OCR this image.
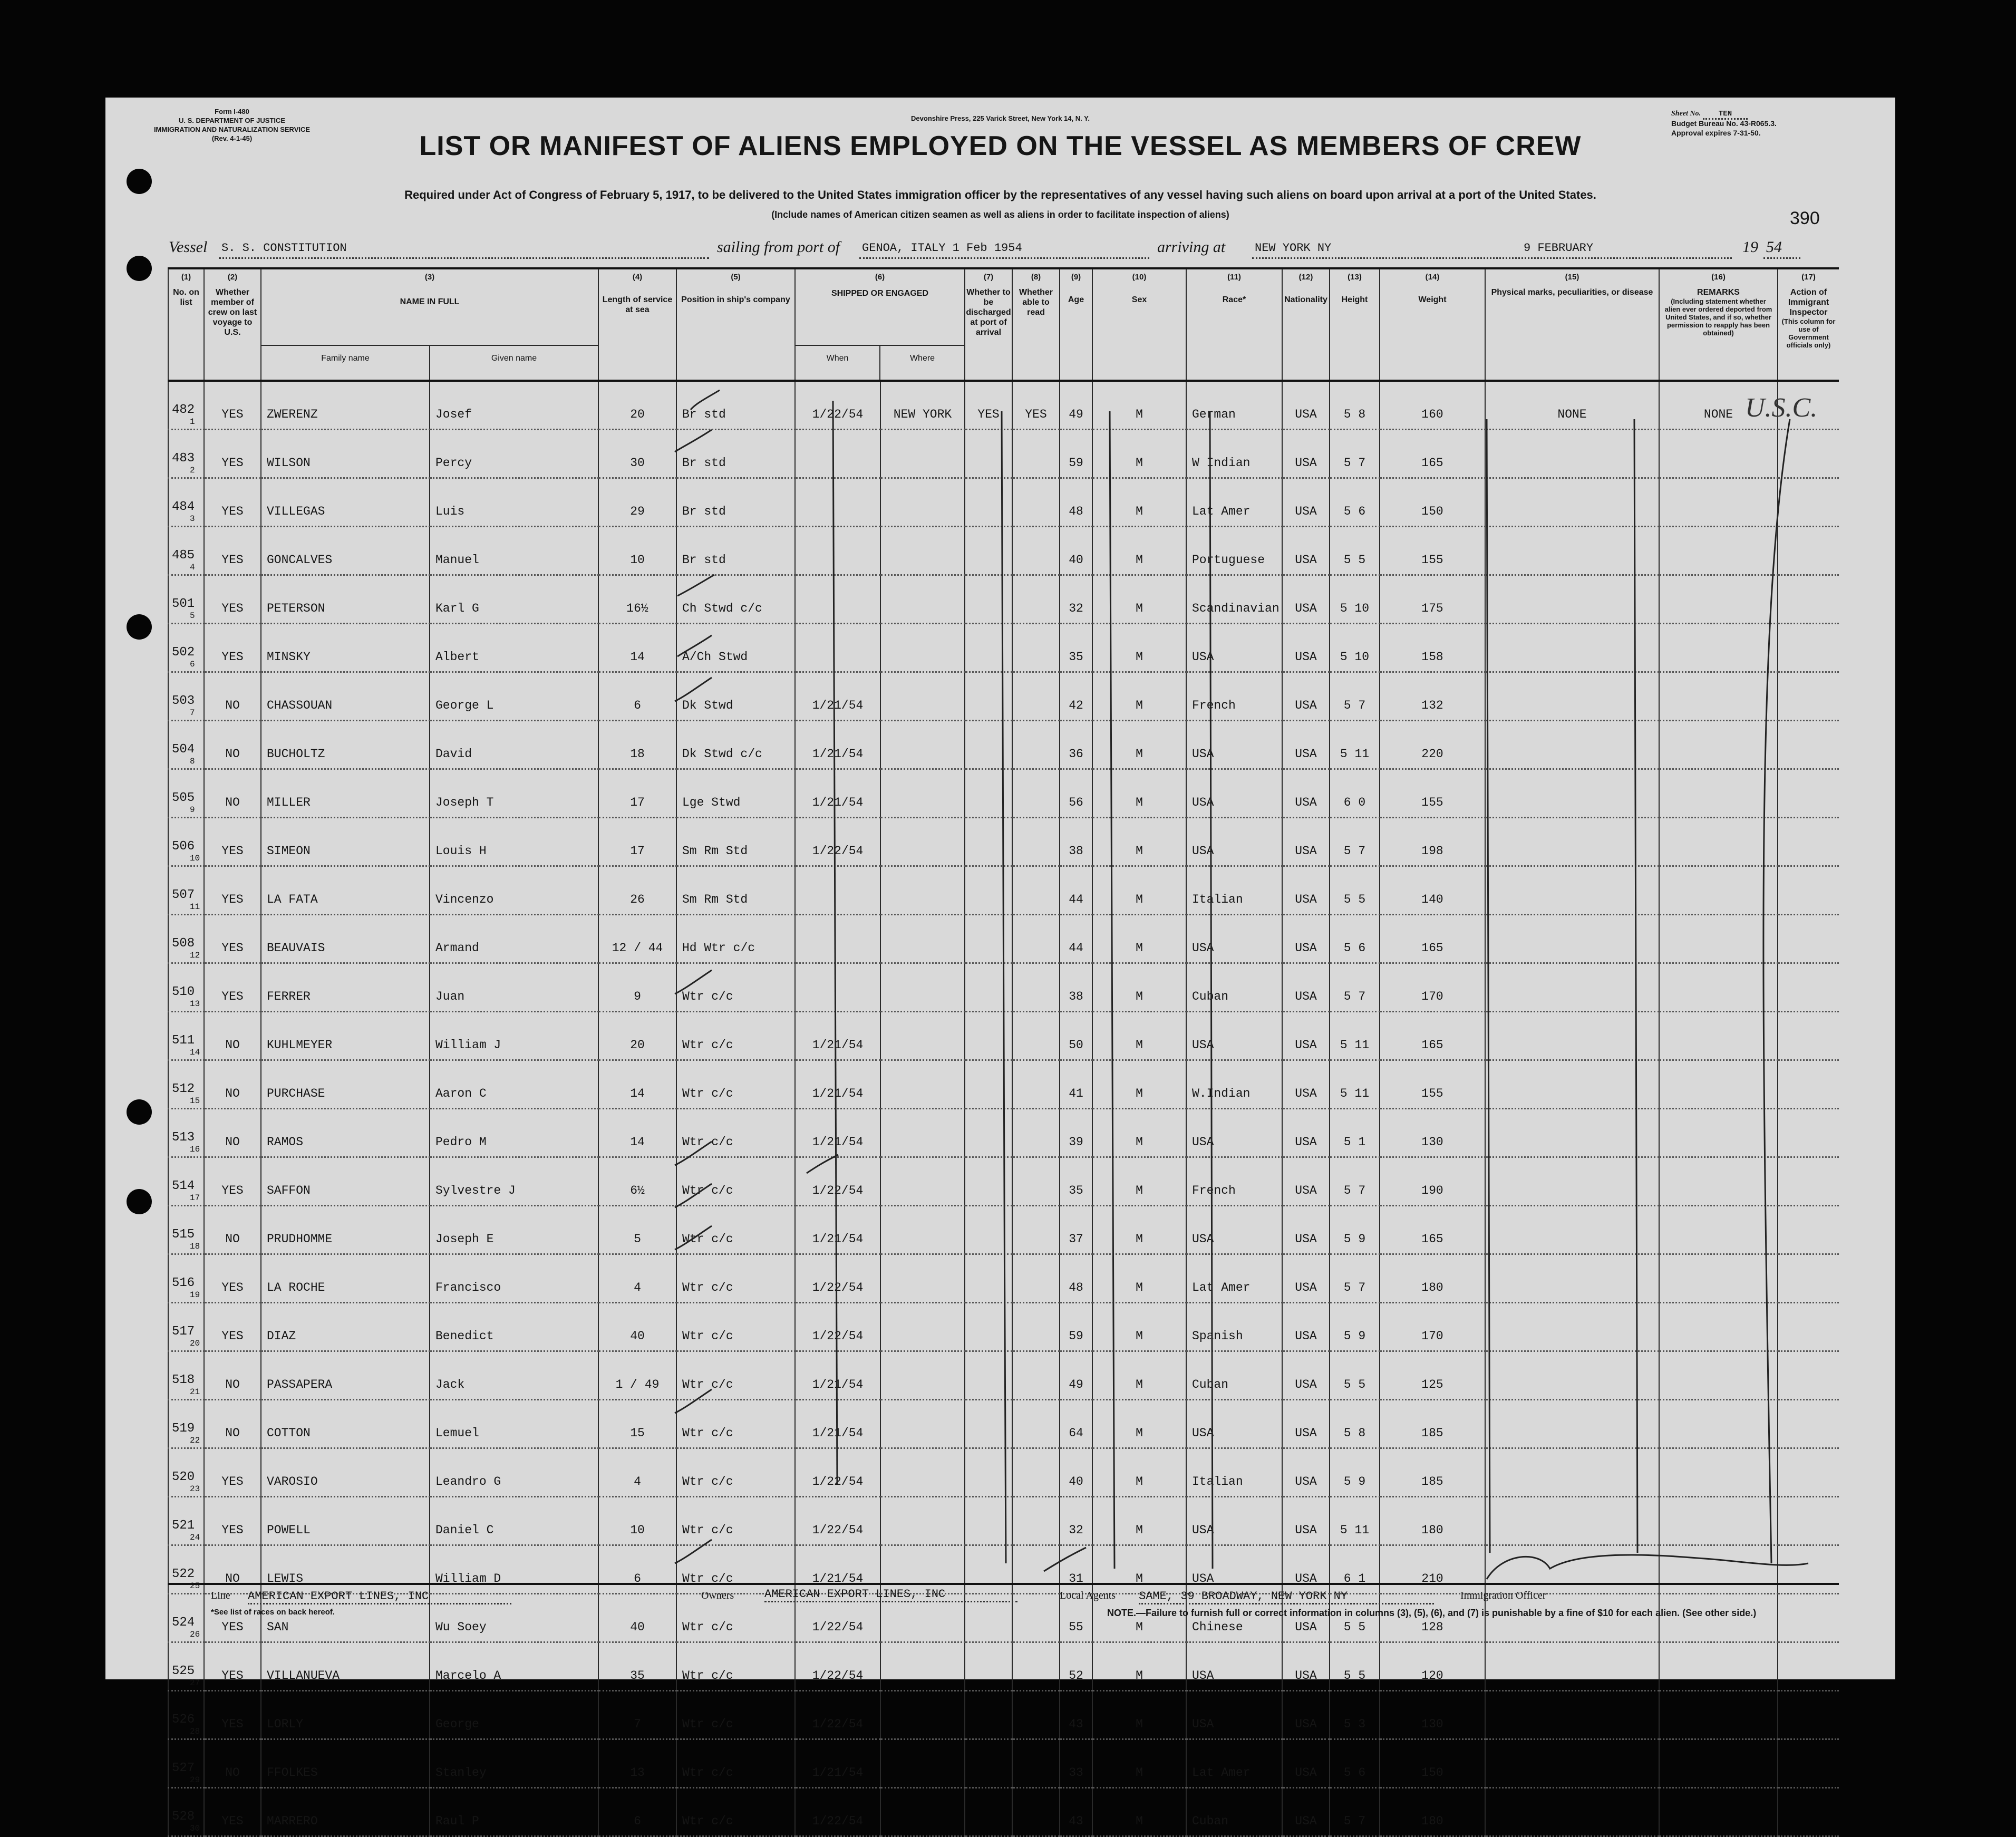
Devonshire Press, 225 Varick Street, New York 14, N. Y.
Form I-480
U. S. DEPARTMENT OF JUSTICE
IMMIGRATION AND NATURALIZATION SERVICE
(Rev. 4-1-45)	LIST OR MANIFEST OF ALIENS EMPLOYED ON THE VESSEL AS MEMBERS OF CREW
Required under Act of Congress of February 5, 1917, to be delivered to the United States immigration officer by the representatives of any vessel having such aliens on board upon arrival at a port of the United States.
(Include names of American citizen seamen as well as aliens in order to facilitate inspection of aliens)
Sheet No. TEN
Budget Bureau No. 43-R065.3.
Approval expires 7-31-50.
390
Vessel S. S. CONSTITUTION	sailing from port of GENOA, ITALY 1 Feb 1954	arriving at	NEW YORK NY	9 FEBRUARY	19 54
(1)
No. on list	(2)
Whether member of crew on last voyage to U.S.	(3)
NAME IN FULL
Family name Given name		(4)
Length of service at sea	(5)
Position in ship's company	(6)
SHIPPED OR ENGAGED
When Where		(7)
Whether to be discharged at port of arrival	(8)
Whether able to read	(9)
Age	(10)
Sex	(11)
Race*	(12)
Nationality	(13)
Height	(14)
Weight	(15)
Physical marks, peculiarities, or disease	(16)
REMARKS
(Including statement whether alien ever ordered deported from United States, and if so, whether permission to reapply has been obtained)	(17)
Action of Immigrant Inspector
(This column for use of Government officials only)

482
1	YES	ZWERENZ	Josef	20	Br std	1/22/54	NEW YORK	YES	YES	49	M	German	USA	5 8	160	NONE	NONE	

483
2	YES	WILSON	Percy	30	Br std					59	M	W Indian	USA	5 7	165			

484
3	YES	VILLEGAS	Luis	29	Br std					48	M	Lat Amer	USA	5 6	150			

485
4	YES	GONCALVES	Manuel	10	Br std					40	M	Portuguese	USA	5 5	155			

501
5	YES	PETERSON	Karl G	16½	Ch Stwd c/c					32	M	Scandinavian	USA	5 10	175			

502
6	YES	MINSKY	Albert	14	A/Ch Stwd					35	M	USA	USA	5 10	158			

503
7	NO	CHASSOUAN	George L	6	Dk Stwd	1/21/54				42	M	French	USA	5 7	132			

504
8	NO	BUCHOLTZ	David	18	Dk Stwd c/c	1/21/54				36	M	USA	USA	5 11	220			

505
9	NO	MILLER	Joseph T	17	Lge Stwd	1/21/54				56	M	USA	USA	6 0	155			

506
10	YES	SIMEON	Louis H	17	Sm Rm Std	1/22/54				38	M	USA	USA	5 7	198			

507
11	YES	LA FATA	Vincenzo	26	Sm Rm Std					44	M	Italian	USA	5 5	140			

508
12	YES	BEAUVAIS	Armand	12 / 44	Hd Wtr c/c					44	M	USA	USA	5 6	165			

510
13	YES	FERRER	Juan	9	Wtr c/c					38	M	Cuban	USA	5 7	170			

511
14	NO	KUHLMEYER	William J	20	Wtr c/c	1/21/54				50	M	USA	USA	5 11	165			

512
15	NO	PURCHASE	Aaron C	14	Wtr c/c	1/21/54				41	M	W.Indian	USA	5 11	155			

513
16	NO	RAMOS	Pedro M	14	Wtr c/c	1/21/54				39	M	USA	USA	5 1	130			

514
17	YES	SAFFON	Sylvestre J	6½	Wtr c/c	1/22/54				35	M	French	USA	5 7	190			

515
18	NO	PRUDHOMME	Joseph E	5	Wtr c/c	1/21/54				37	M	USA	USA	5 9	165			

516
19	YES	LA ROCHE	Francisco	4	Wtr c/c	1/22/54				48	M	Lat Amer	USA	5 7	180			

517
20	YES	DIAZ	Benedict	40	Wtr c/c	1/22/54				59	M	Spanish	USA	5 9	170			

518
21	NO	PASSAPERA	Jack	1 / 49	Wtr c/c	1/21/54				49	M	Cuban	USA	5 5	125			

519
22	NO	COTTON	Lemuel	15	Wtr c/c	1/21/54				64	M	USA	USA	5 8	185			

520
23	YES	VAROSIO	Leandro G	4	Wtr c/c	1/22/54				40	M	Italian	USA	5 9	185			

521
24	YES	POWELL	Daniel C	10	Wtr c/c	1/22/54				32	M	USA	USA	5 11	180			

522
25	NO	LEWIS	William D	6	Wtr c/c	1/21/54				31	M	USA	USA	6 1	210			

524
26	YES	SAN	Wu Soey	40	Wtr c/c	1/22/54				55	M	Chinese	USA	5 5	128			

525
27	YES	VILLANUEVA	Marcelo A	35	Wtr c/c	1/22/54				52	M	USA	USA	5 5	120			

526
28	YES	LORLY	George	7	Wtr c/c	1/22/54				43	M	USA	USA	5 3	130			

527
29	NO	FFOLKES	Stanley	13	Wtr c/c	1/21/54				33	M	Lat Amer	USA	5 6	150			

528
30	YES	MARRERO	Raul P	6	Wtr c/c	1/22/54				43	M	Cuban	USA	5 7	180			
U.S.C.
Line AMERICAN EXPORT LINES, INC	Owners	AMERICAN EXPORT LINES, INC	Local Agents SAME, 39 BROADWAY, NEW YORK NY	Immigration Officer
*See list of races on back hereof.	NOTE.—Failure to furnish full or correct information in columns (3), (5), (6), and (7) is punishable by a fine of $10 for each alien. (See other side.)
